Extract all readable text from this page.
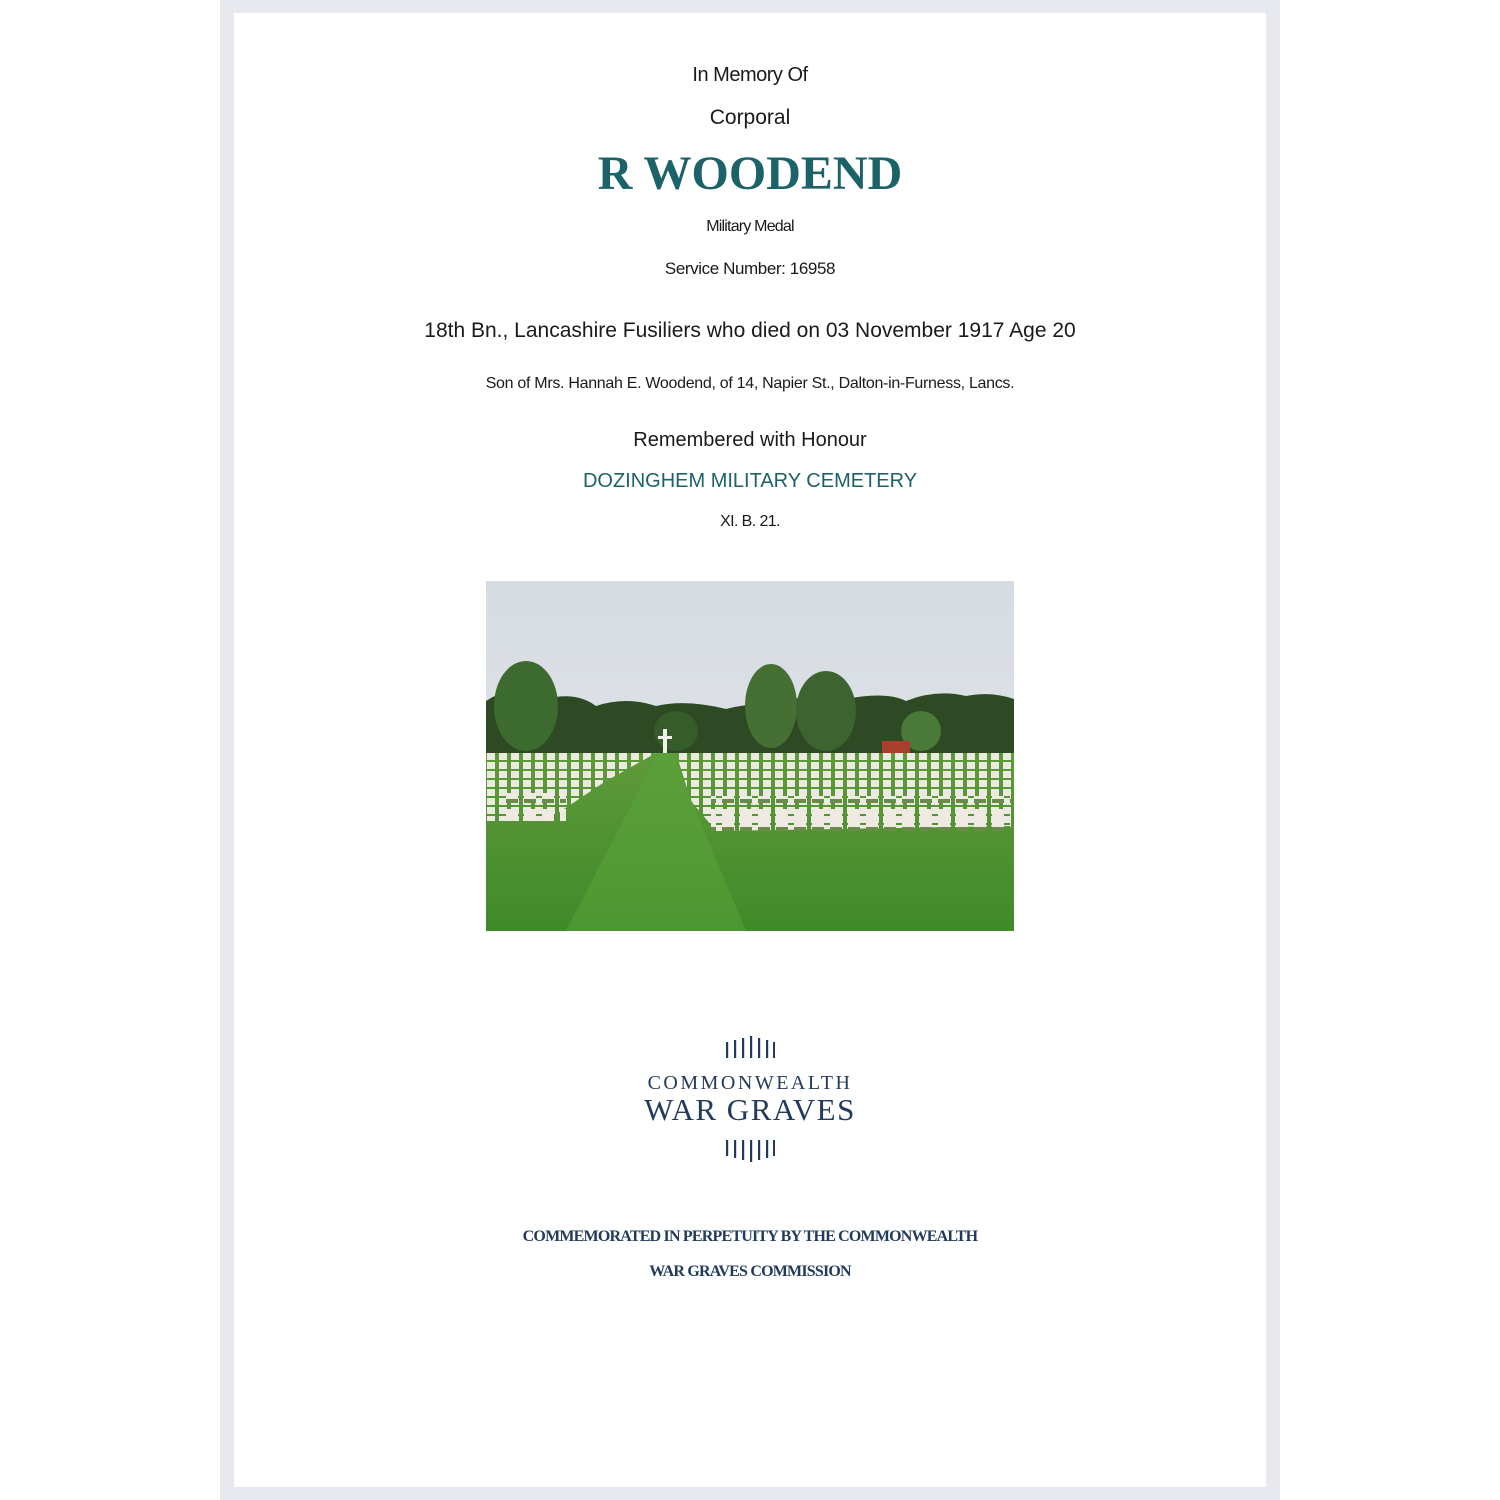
In Memory Of
Corporal
R WOODEND
Military Medal
Service Number: 16958
18th Bn., Lancashire Fusiliers who died on 03 November 1917 Age 20
Son of Mrs. Hannah E. Woodend, of 14, Napier St., Dalton-in-Furness, Lancs.
Remembered with Honour
DOZINGHEM MILITARY CEMETERY
XI. B. 21.
COMMONWEALTH
WAR GRAVES
COMMEMORATED IN PERPETUITY BY THE COMMONWEALTH
WAR GRAVES COMMISSION
